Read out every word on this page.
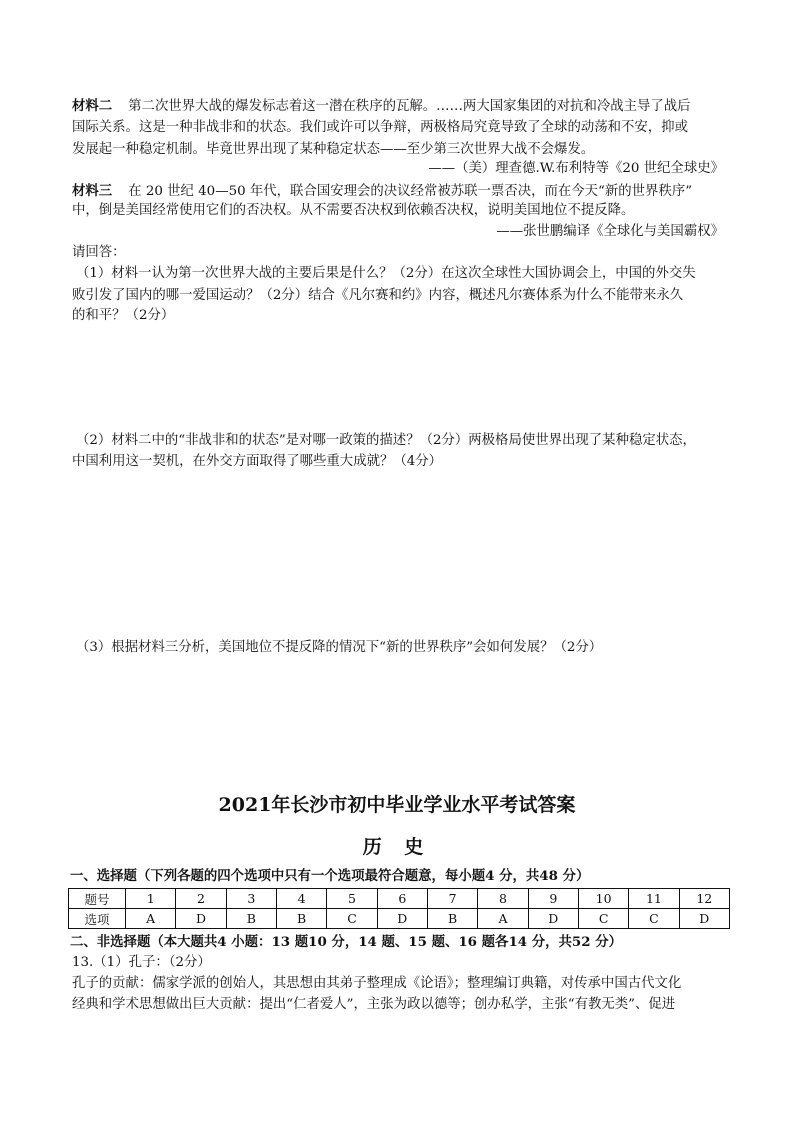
材料二 第二次世界大战的爆发标志着这一潜在秩序的瓦解。……两大国家集团的对抗和冷战主导了战后
国际关系。这是一种非战非和的状态。我们或许可以争辩，两极格局究竟导致了全球的动荡和不安，抑或
发展起一种稳定机制。毕竟世界出现了某种稳定状态——至少第三次世界大战不会爆发。
——（美）理查德.W.布利特等《20 世纪全球史》
材料三 在 20 世纪 40—50 年代，联合国安理会的决议经常被苏联一票否决，而在今天“新的世界秩序”
中，倒是美国经常使用它们的否决权。从不需要否决权到依赖否决权，说明美国地位不提反降。
——张世鹏编译《全球化与美国霸权》
请回答：
（1）材料一认为第一次世界大战的主要后果是什么？（2分）在这次全球性大国协调会上，中国的外交失
败引发了国内的哪一爱国运动？（2分）结合《凡尔赛和约》内容，概述凡尔赛体系为什么不能带来永久
的和平？（2分）
（2）材料二中的“非战非和的状态”是对哪一政策的描述？（2分）两极格局使世界出现了某种稳定状态，
中国利用这一契机，在外交方面取得了哪些重大成就？（4分）
（3）根据材料三分析，美国地位不提反降的情况下“新的世界秩序”会如何发展？（2分）
2021年长沙市初中毕业学业水平考试答案
历 史
一、选择题（下列各题的四个选项中只有一个选项最符合题意，每小题4 分，共48 分）
题号	1	2	3	4	5	6	7	8	9	10	11	12
选项	A	D	B	B	C	D	B	A	D	C	C	D
二、非选择题（本大题共4 小题：13 题10 分，14 题、15 题、16 题各14 分，共52 分）
13.（1）孔子：（2分）
孔子的贡献：儒家学派的创始人，其思想由其弟子整理成《论语》；整理编订典籍，对传承中国古代文化
经典和学术思想做出巨大贡献：提出“仁者爱人”，主张为政以德等；创办私学，主张“有教无类”、促进
